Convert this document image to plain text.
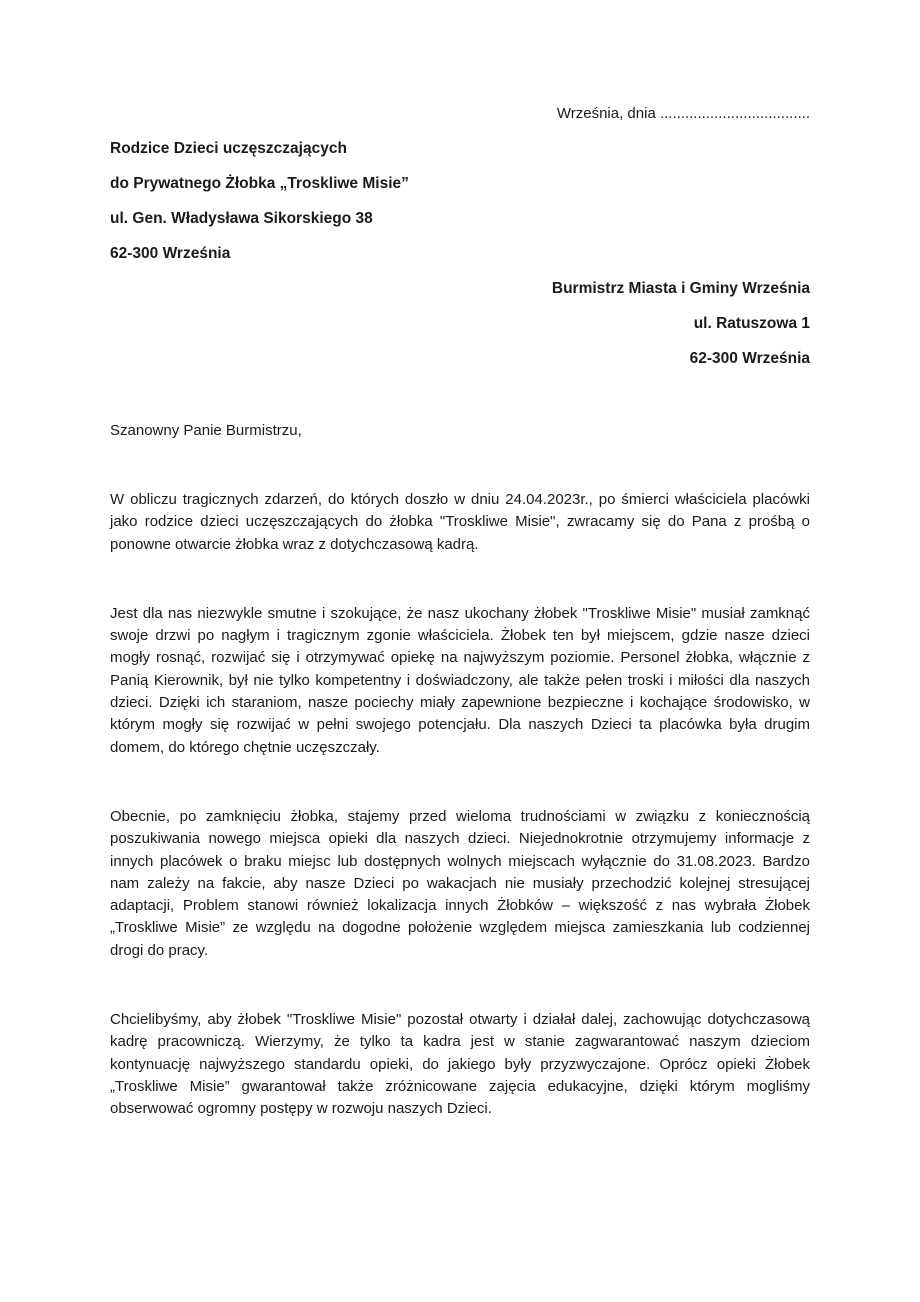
Września, dnia ....................................
Rodzice Dzieci uczęszczających
do Prywatnego Żłobka „Troskliwe Misie”
ul. Gen. Władysława Sikorskiego 38
62-300 Września
Burmistrz Miasta i Gminy Września
ul. Ratuszowa 1
62-300 Września
Szanowny Panie Burmistrzu,

W obliczu tragicznych zdarzeń, do których doszło w dniu 24.04.2023r., po śmierci właściciela placówki jako rodzice dzieci uczęszczających do żłobka "Troskliwe Misie", zwracamy się do Pana z prośbą o ponowne otwarcie żłobka wraz z dotychczasową kadrą.

Jest dla nas niezwykle smutne i szokujące, że nasz ukochany żłobek "Troskliwe Misie" musiał zamknąć swoje drzwi po nagłym i tragicznym zgonie właściciela. Żłobek ten był miejscem, gdzie nasze dzieci mogły rosnąć, rozwijać się i otrzymywać opiekę na najwyższym poziomie. Personel żłobka, włącznie z Panią Kierownik, był nie tylko kompetentny i doświadczony, ale także pełen troski i miłości dla naszych dzieci. Dzięki ich staraniom, nasze pociechy miały zapewnione bezpieczne i kochające środowisko, w którym mogły się rozwijać w pełni swojego potencjału. Dla naszych Dzieci ta placówka była drugim domem, do którego chętnie uczęszczały.

Obecnie, po zamknięciu żłobka, stajemy przed wieloma trudnościami w związku z koniecznością poszukiwania nowego miejsca opieki dla naszych dzieci. Niejednokrotnie otrzymujemy informacje z innych placówek o braku miejsc lub dostępnych wolnych miejscach wyłącznie do 31.08.2023. Bardzo nam zależy na fakcie, aby nasze Dzieci po wakacjach nie musiały przechodzić kolejnej stresującej adaptacji, Problem stanowi również lokalizacja innych Żłobków – większość z nas wybrała Żłobek „Troskliwe Misie” ze względu na dogodne położenie względem miejsca zamieszkania lub codziennej drogi do pracy.

Chcielibyśmy, aby żłobek "Troskliwe Misie" pozostał otwarty i działał dalej, zachowując dotychczasową kadrę pracowniczą. Wierzymy, że tylko ta kadra jest w stanie zagwarantować naszym dzieciom kontynuację najwyższego standardu opieki, do jakiego były przyzwyczajone. Oprócz opieki Żłobek „Troskliwe Misie” gwarantował także zróżnicowane zajęcia edukacyjne, dzięki którym mogliśmy obserwować ogromny postępy w rozwoju naszych Dzieci.
